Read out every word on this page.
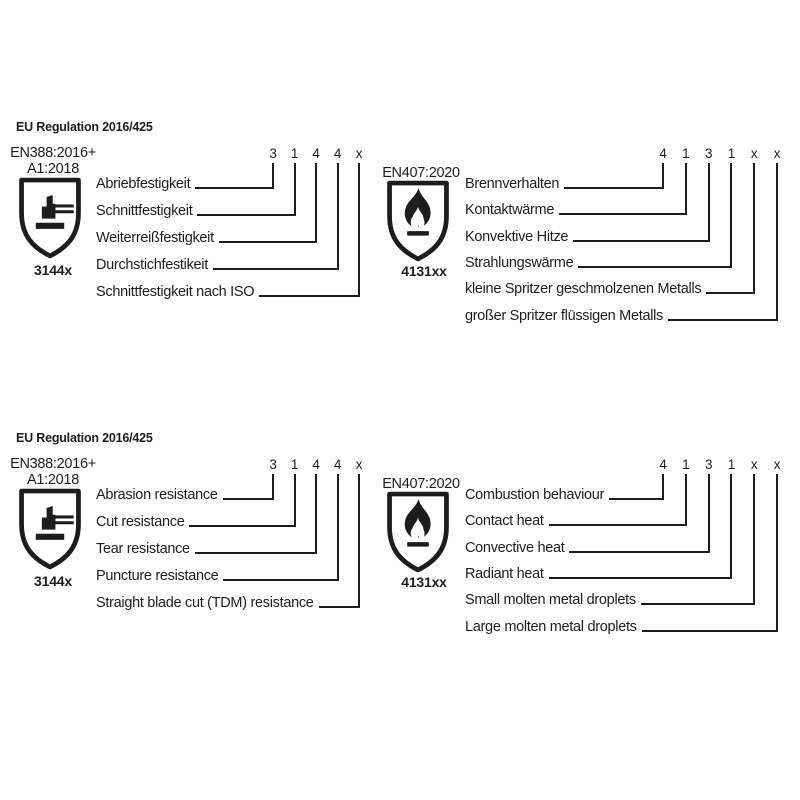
EU Regulation 2016/425
EU Regulation 2016/425
EN388:2016+
A1:2018
3144x
3	1	4	4	x
Abriebfestigkeit
Schnittfestigkeit
Weiterreißfestigkeit
Durchstichfestikeit
Schnittfestigkeit nach ISO
EN407:2020
4131xx
4	1	3	1	x	x
Brennverhalten
Kontaktwärme
Konvektive Hitze
Strahlungswärme
kleine Spritzer geschmolzenen Metalls
großer Spritzer flüssigen Metalls
EN388:2016+
A1:2018
3144x
3	1	4	4	x
Abrasion resistance
Cut resistance
Tear resistance
Puncture resistance
Straight blade cut (TDM) resistance
EN407:2020
4131xx
4	1	3	1	x	x
Combustion behaviour
Contact heat
Convective heat
Radiant heat
Small molten metal droplets
Large molten metal droplets
